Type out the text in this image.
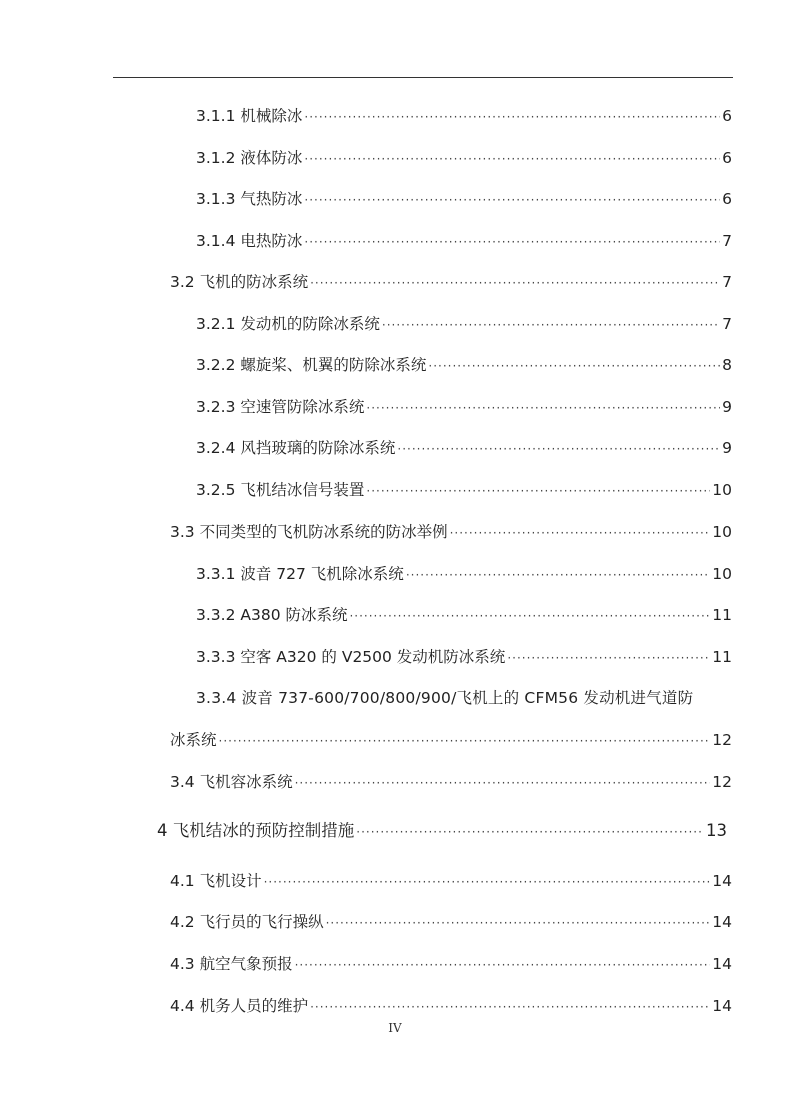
3.1.1 机械除冰 ·····	6
3.1.2 液体防冰 ·····	6
3.1.3 气热防冰 ·····	6
3.1.4 电热防冰 ·····	7
3.2 飞机的防冰系统 ·····	7
3.2.1 发动机的防除冰系统 ·····	7
3.2.2 螺旋桨、机翼的防除冰系统 ·····	8
3.2.3 空速管防除冰系统 ·····	9
3.2.4 风挡玻璃的防除冰系统 ·····	9
3.2.5 飞机结冰信号装置 ·····	10
3.3 不同类型的飞机防冰系统的防冰举例 ·····	10
3.3.1 波音 727 飞机除冰系统 ·····	10
3.3.2 A380 防冰系统 ·····	11
3.3.3 空客 A320 的 V2500 发动机防冰系统 ·····	11
3.3.4 波音 737-600/700/800/900/飞机上的 CFM56 发动机进气道防
冰系统 ·····	12
3.4 飞机容冰系统 ·····	12
4 飞机结冰的预防控制措施 ·····	13
4.1 飞机设计 ·····	14
4.2 飞行员的飞行操纵 ·····	14
4.3 航空气象预报 ·····	14
4.4 机务人员的维护 ·····	14
IV
